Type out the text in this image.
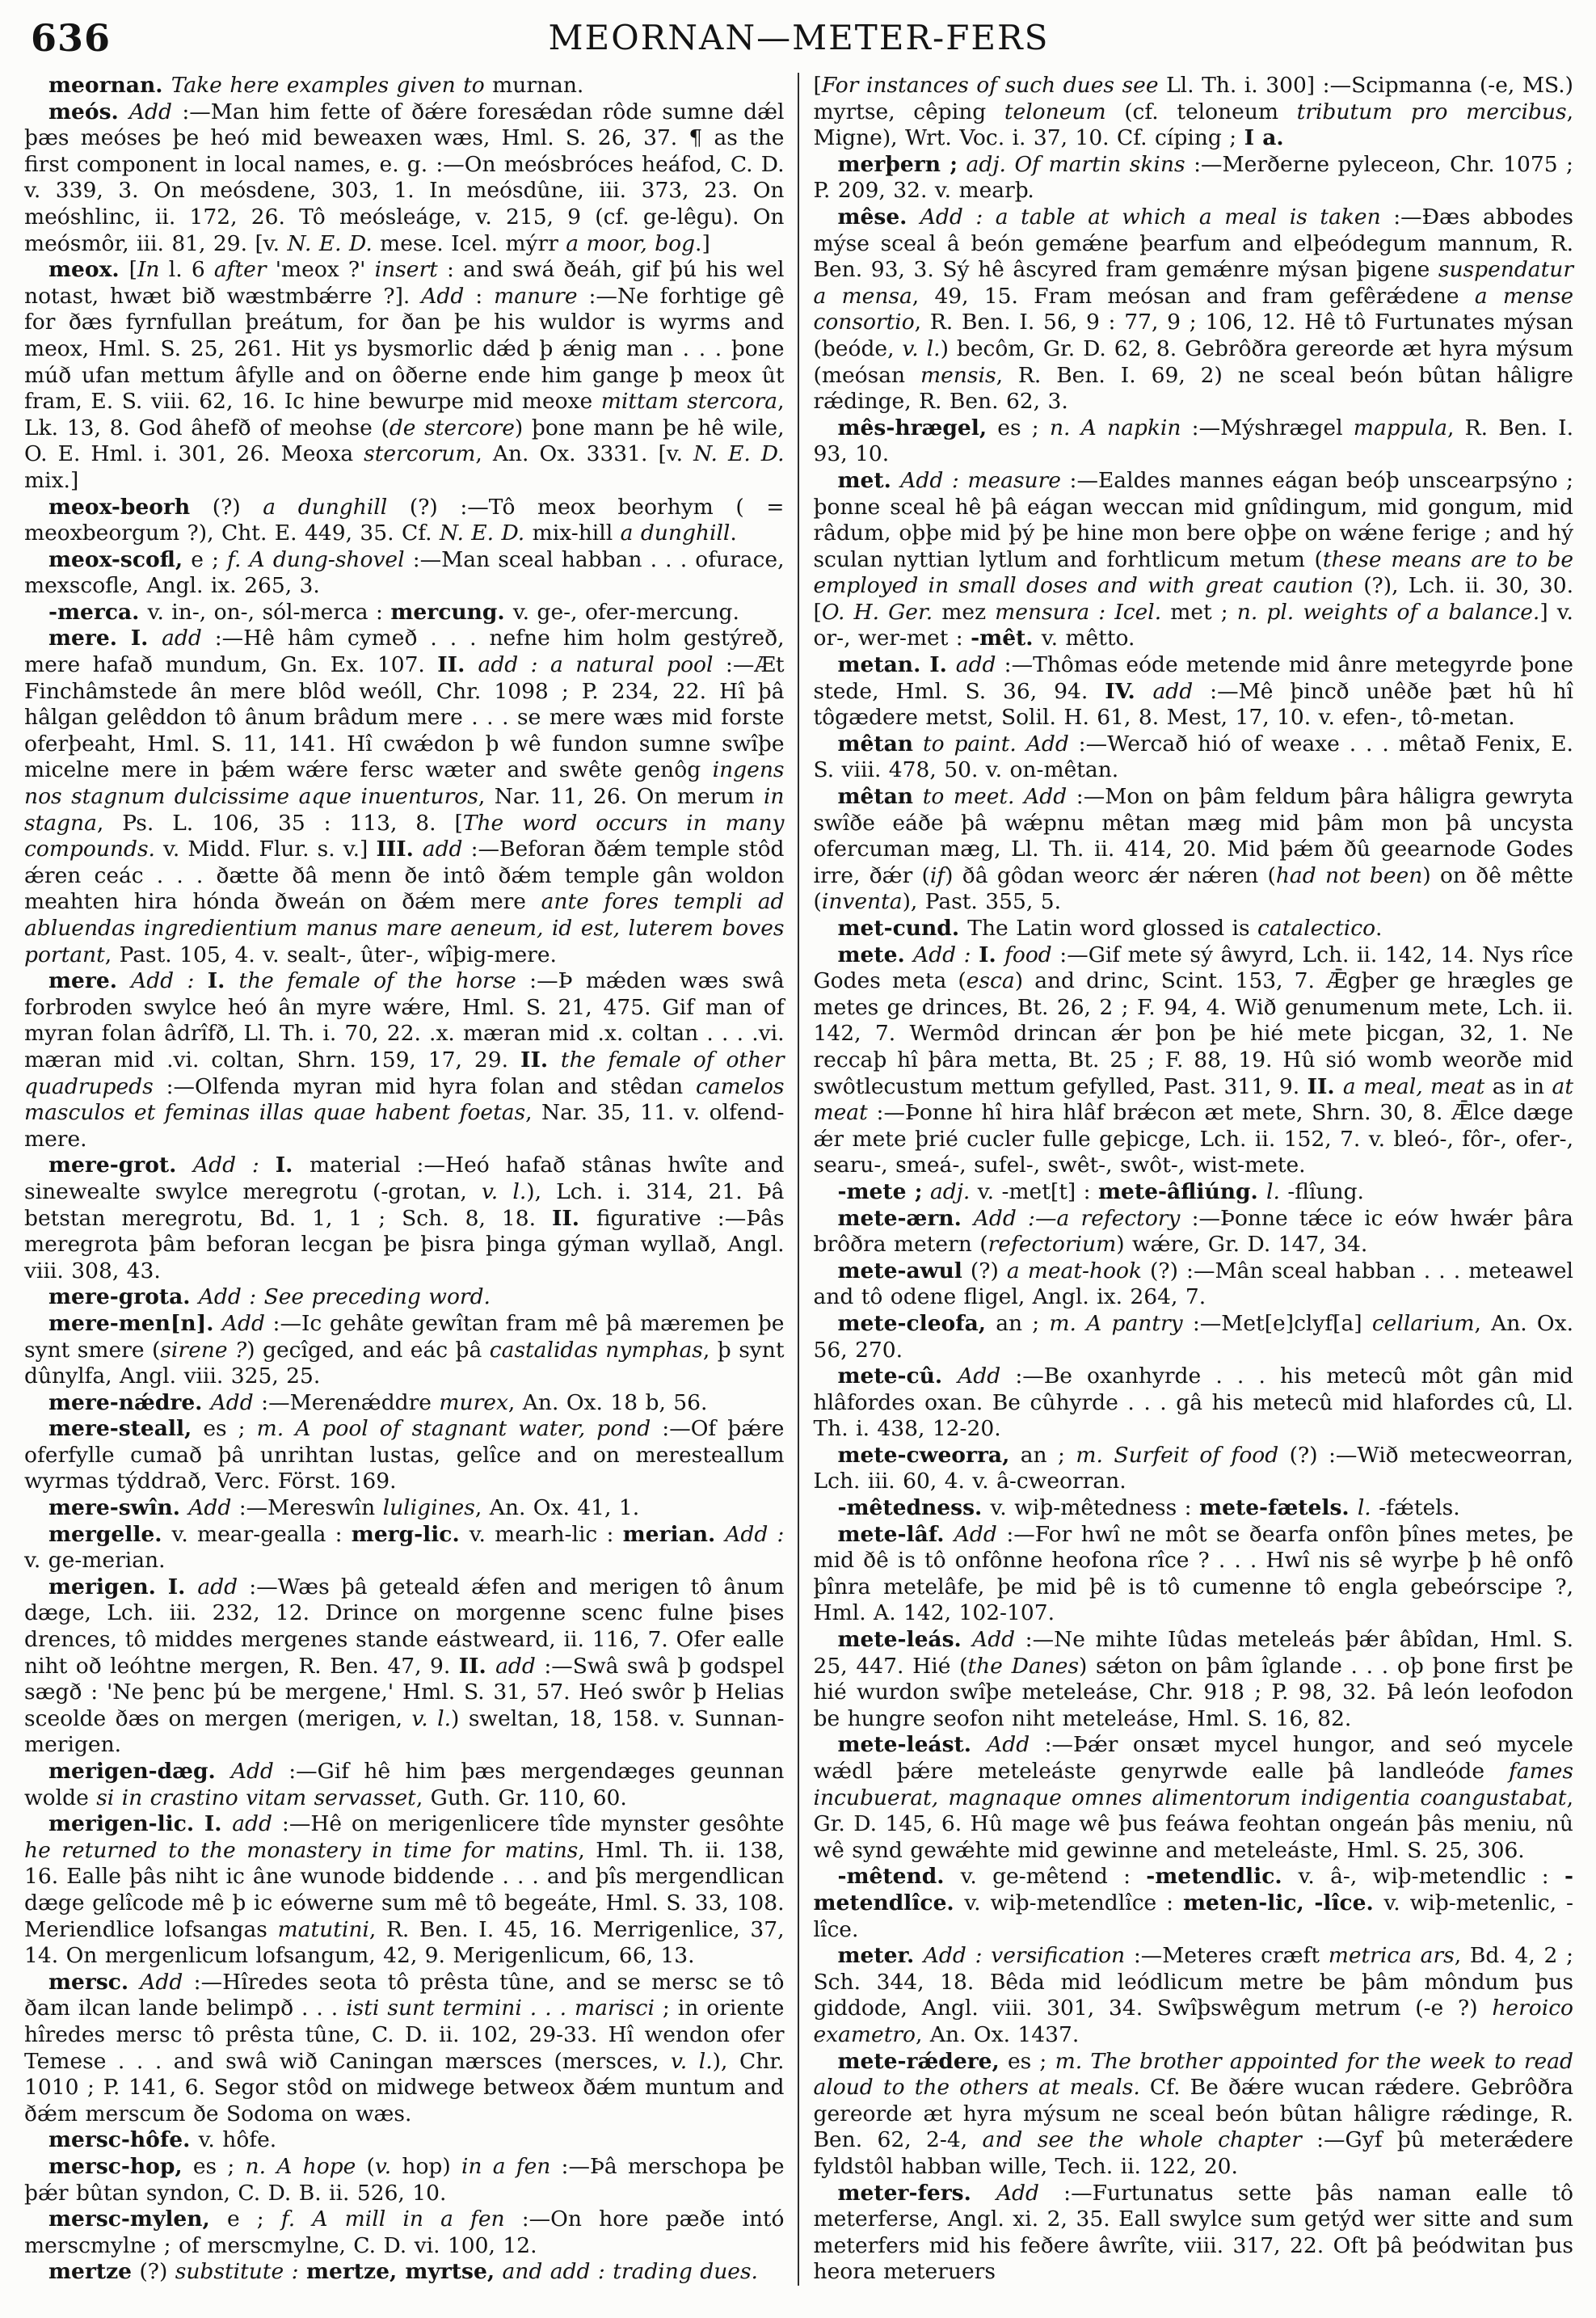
636	MEORNAN—METER-FERS

meornan. Take here examples given to murnan.

meós. Add :—Man him fette of ðǽre foresǽdan rôde sumne dǽl þæs meóses þe heó mid beweaxen wæs, Hml. S. 26, 37. ¶ as the first component in local names, e. g. :—On meósbróces heáfod, C. D. v. 339, 3. On meósdene, 303, 1. In meósdûne, iii. 373, 23. On meóshlinc, ii. 172, 26. Tô meósleáge, v. 215, 9 (cf. ge-lêgu). On meósmôr, iii. 81, 29. [v. N. E. D. mese. Icel. mýrr a moor, bog.]

meox. [In l. 6 after 'meox ?' insert : and swá ðeáh, gif þú his wel notast, hwæt bið wæstmbǽrre ?]. Add : manure :—Ne forhtige gê for ðæs fyrnfullan þreátum, for ðan þe his wuldor is wyrms and meox, Hml. S. 25, 261. Hit ys bysmorlic dǽd þ ǽnig man . . . þone múð ufan mettum âfylle and on ôðerne ende him gange þ meox ût fram, E. S. viii. 62, 16. Ic hine bewurpe mid meoxe mittam stercora, Lk. 13, 8. God âhefð of meohse (de stercore) þone mann þe hê wile, O. E. Hml. i. 301, 26. Meoxa stercorum, An. Ox. 3331. [v. N. E. D. mix.]

meox-beorh (?) a dunghill (?) :—Tô meox beorhym ( = meoxbeorgum ?), Cht. E. 449, 35. Cf. N. E. D. mix-hill a dunghill.

meox-scofl, e ; f. A dung-shovel :—Man sceal habban . . . ofurace, mexscofle, Angl. ix. 265, 3.

-merca. v. in-, on-, sól-merca : mercung. v. ge-, ofer-mercung.

mere. I. add :—Hê hâm cymeð . . . nefne him holm gestýreð, mere hafað mundum, Gn. Ex. 107. II. add : a natural pool :—Æt Finchâmstede ân mere blôd weóll, Chr. 1098 ; P. 234, 22. Hî þâ hâlgan gelêddon tô ânum brâdum mere . . . se mere wæs mid forste oferþeaht, Hml. S. 11, 141. Hî cwǽdon þ wê fundon sumne swîþe micelne mere in þǽm wǽre fersc wæter and swête genôg ingens nos stagnum dulcissime aque inuenturos, Nar. 11, 26. On merum in stagna, Ps. L. 106, 35 : 113, 8. [The word occurs in many compounds. v. Midd. Flur. s. v.] III. add :—Beforan ðǽm temple stôd ǽren ceác . . . ðætte ðâ menn ðe intô ðǽm temple gân woldon meahten hira hónda ðweán on ðǽm mere ante fores templi ad abluendas ingredientium manus mare aeneum, id est, luterem boves portant, Past. 105, 4. v. sealt-, ûter-, wîþig-mere.

mere. Add : I. the female of the horse :—Þ mǽden wæs swâ forbroden swylce heó ân myre wǽre, Hml. S. 21, 475. Gif man of myran folan âdrîfð, Ll. Th. i. 70, 22. .x. mæran mid .x. coltan . . . .vi. mæran mid .vi. coltan, Shrn. 159, 17, 29. II. the female of other quadrupeds :—Olfenda myran mid hyra folan and stêdan camelos masculos et feminas illas quae habent foetas, Nar. 35, 11. v. olfend-mere.

mere-grot. Add : I. material :—Heó hafað stânas hwîte and sinewealte swylce meregrotu (-grotan, v. l.), Lch. i. 314, 21. Þâ betstan meregrotu, Bd. 1, 1 ; Sch. 8, 18. II. figurative :—Þâs meregrota þâm beforan lecgan þe þisra þinga gýman wyllað, Angl. viii. 308, 43.

mere-grota. Add : See preceding word.

mere-men[n]. Add :—Ic gehâte gewîtan fram mê þâ mæremen þe synt smere (sirene ?) gecîged, and eác þâ castalidas nymphas, þ synt dûnylfa, Angl. viii. 325, 25.

mere-nǽdre. Add :—Merenǽddre murex, An. Ox. 18 b, 56.

mere-steall, es ; m. A pool of stagnant water, pond :—Of þǽre oferfylle cumað þâ unrihtan lustas, gelîce and on meresteallum wyrmas týddrað, Verc. Först. 169.

mere-swîn. Add :—Mereswîn luligines, An. Ox. 41, 1.

mergelle. v. mear-gealla : merg-lic. v. mearh-lic : merian. Add : v. ge-merian.

merigen. I. add :—Wæs þâ geteald ǽfen and merigen tô ânum dæge, Lch. iii. 232, 12. Drince on morgenne scenc fulne þises drences, tô middes mergenes stande eástweard, ii. 116, 7. Ofer ealle niht oð leóhtne mergen, R. Ben. 47, 9. II. add :—Swâ swâ þ godspel sægð : 'Ne þenc þú be mergene,' Hml. S. 31, 57. Heó swôr þ Helias sceolde ðæs on mergen (merigen, v. l.) sweltan, 18, 158. v. Sunnan-merigen.

merigen-dæg. Add :—Gif hê him þæs mergendæges geunnan wolde si in crastino vitam servasset, Guth. Gr. 110, 60.

merigen-lic. I. add :—Hê on merigenlicere tîde mynster gesôhte he returned to the monastery in time for matins, Hml. Th. ii. 138, 16. Ealle þâs niht ic âne wunode biddende . . . and þîs mergendlican dæge gelîcode mê þ ic eówerne sum mê tô begeáte, Hml. S. 33, 108. Meriendlice lofsangas matutini, R. Ben. I. 45, 16. Merrigenlice, 37, 14. On mergenlicum lofsangum, 42, 9. Merigenlicum, 66, 13.

mersc. Add :—Hîredes seota tô prêsta tûne, and se mersc se tô ðam ilcan lande belimpð . . . isti sunt termini . . . marisci ; in oriente hîredes mersc tô prêsta tûne, C. D. ii. 102, 29-33. Hî wendon ofer Temese . . . and swâ wið Caningan mærsces (mersces, v. l.), Chr. 1010 ; P. 141, 6. Segor stôd on midwege betweox ðǽm muntum and ðǽm merscum ðe Sodoma on wæs.

mersc-hôfe. v. hôfe.

mersc-hop, es ; n. A hope (v. hop) in a fen :—Þâ merschopa þe þǽr bûtan syndon, C. D. B. ii. 526, 10.

mersc-mylen, e ; f. A mill in a fen :—On hore pæðe intó merscmylne ; of merscmylne, C. D. vi. 100, 12.

mertze (?) substitute : mertze, myrtse, and add : trading dues.

[For instances of such dues see Ll. Th. i. 300] :—Scipmanna (-e, MS.) myrtse, cêping teloneum (cf. teloneum tributum pro mercibus, Migne), Wrt. Voc. i. 37, 10. Cf. cíping ; I a.

merþern ; adj. Of martin skins :—Merðerne pyleceon, Chr. 1075 ; P. 209, 32. v. mearþ.

mêse. Add : a table at which a meal is taken :—Ðæs abbodes mýse sceal â beón gemǽne þearfum and elþeódegum mannum, R. Ben. 93, 3. Sý hê âscyred fram gemǽnre mýsan þigene suspendatur a mensa, 49, 15. Fram meósan and fram gefêrǽdene a mense consortio, R. Ben. I. 56, 9 : 77, 9 ; 106, 12. Hê tô Furtunates mýsan (beóde, v. l.) becôm, Gr. D. 62, 8. Gebrôðra gereorde æt hyra mýsum (meósan mensis, R. Ben. I. 69, 2) ne sceal beón bûtan hâligre rǽdinge, R. Ben. 62, 3.

mês-hrægel, es ; n. A napkin :—Mýshrægel mappula, R. Ben. I. 93, 10.

met. Add : measure :—Ealdes mannes eágan beóþ unscearpsýno ; þonne sceal hê þâ eágan weccan mid gnîdingum, mid gongum, mid râdum, oþþe mid þý þe hine mon bere oþþe on wǽne ferige ; and hý sculan nyttian lytlum and forhtlicum metum (these means are to be employed in small doses and with great caution (?), Lch. ii. 30, 30. [O. H. Ger. mez mensura : Icel. met ; n. pl. weights of a balance.] v. or-, wer-met : -mêt. v. mêtto.

metan. I. add :—Thômas eóde metende mid ânre metegyrde þone stede, Hml. S. 36, 94. IV. add :—Mê þincð unêðe þæt hû hî tôgædere metst, Solil. H. 61, 8. Mest, 17, 10. v. efen-, tô-metan.

mêtan to paint. Add :—Wercað hió of weaxe . . . mêtað Fenix, E. S. viii. 478, 50. v. on-mêtan.

mêtan to meet. Add :—Mon on þâm feldum þâra hâligra gewryta swîðe eáðe þâ wǽpnu mêtan mæg mid þâm mon þâ uncysta ofercuman mæg, Ll. Th. ii. 414, 20. Mid þǽm ðû geearnode Godes irre, ðǽr (if) ðâ gôdan weorc ǽr nǽren (had not been) on ðê mêtte (inventa), Past. 355, 5.

met-cund. The Latin word glossed is catalectico.

mete. Add : I. food :—Gif mete sý âwyrd, Lch. ii. 142, 14. Nys rîce Godes meta (esca) and drinc, Scint. 153, 7. Ǣgþer ge hrægles ge metes ge drinces, Bt. 26, 2 ; F. 94, 4. Wið genumenum mete, Lch. ii. 142, 7. Wermôd drincan ǽr þon þe hié mete þicgan, 32, 1. Ne reccaþ hî þâra metta, Bt. 25 ; F. 88, 19. Hû sió womb weorðe mid swôtlecustum mettum gefylled, Past. 311, 9. II. a meal, meat as in at meat :—Þonne hî hira hlâf brǽcon æt mete, Shrn. 30, 8. Ǣlce dæge ǽr mete þrié cucler fulle geþicge, Lch. ii. 152, 7. v. bleó-, fôr-, ofer-, searu-, smeá-, sufel-, swêt-, swôt-, wist-mete.

-mete ; adj. v. -met[t] : mete-âfliúng. l. -flîung.

mete-ærn. Add :—a refectory :—Þonne tǽce ic eów hwǽr þâra brôðra metern (refectorium) wǽre, Gr. D. 147, 34.

mete-awul (?) a meat-hook (?) :—Mân sceal habban . . . meteawel and tô odene fligel, Angl. ix. 264, 7.

mete-cleofa, an ; m. A pantry :—Met[e]clyf[a] cellarium, An. Ox. 56, 270.

mete-cû. Add :—Be oxanhyrde . . . his metecû môt gân mid hlâfordes oxan. Be cûhyrde . . . gâ his metecû mid hlafordes cû, Ll. Th. i. 438, 12-20.

mete-cweorra, an ; m. Surfeit of food (?) :—Wið metecweorran, Lch. iii. 60, 4. v. â-cweorran.

-mêtedness. v. wiþ-mêtedness : mete-fætels. l. -fǽtels.

mete-lâf. Add :—For hwî ne môt se ðearfa onfôn þînes metes, þe mid ðê is tô onfônne heofona rîce ? . . . Hwî nis sê wyrþe þ hê onfô þînra metelâfe, þe mid þê is tô cumenne tô engla gebeórscipe ?, Hml. A. 142, 102-107.

mete-leás. Add :—Ne mihte Iûdas meteleás þǽr âbîdan, Hml. S. 25, 447. Hié (the Danes) sǽton on þâm îglande . . . oþ þone first þe hié wurdon swîþe meteleáse, Chr. 918 ; P. 98, 32. Þâ león leofodon be hungre seofon niht meteleáse, Hml. S. 16, 82.

mete-leást. Add :—Þǽr onsæt mycel hungor, and seó mycele wǽdl þǽre meteleáste genyrwde ealle þâ landleóde fames incubuerat, magnaque omnes alimentorum indigentia coangustabat, Gr. D. 145, 6. Hû mage wê þus feáwa feohtan ongeán þâs meniu, nû wê synd gewǽhte mid gewinne and meteleáste, Hml. S. 25, 306.

-mêtend. v. ge-mêtend : -metendlic. v. â-, wiþ-metendlic : -metendlîce. v. wiþ-metendlîce : meten-lic, -lîce. v. wiþ-metenlic, -lîce.

meter. Add : versification :—Meteres cræft metrica ars, Bd. 4, 2 ; Sch. 344, 18. Bêda mid leódlicum metre be þâm môndum þus giddode, Angl. viii. 301, 34. Swîþswêgum metrum (-e ?) heroico exametro, An. Ox. 1437.

mete-rǽdere, es ; m. The brother appointed for the week to read aloud to the others at meals. Cf. Be ðǽre wucan rǽdere. Gebrôðra gereorde æt hyra mýsum ne sceal beón bûtan hâligre rǽdinge, R. Ben. 62, 2-4, and see the whole chapter :—Gyf þû meterǽdere fyldstôl habban wille, Tech. ii. 122, 20.

meter-fers. Add :—Furtunatus sette þâs naman ealle tô meterferse, Angl. xi. 2, 35. Eall swylce sum getýd wer sitte and sum meterfers mid his feðere âwrîte, viii. 317, 22. Oft þâ þeódwitan þus heora meteruers
